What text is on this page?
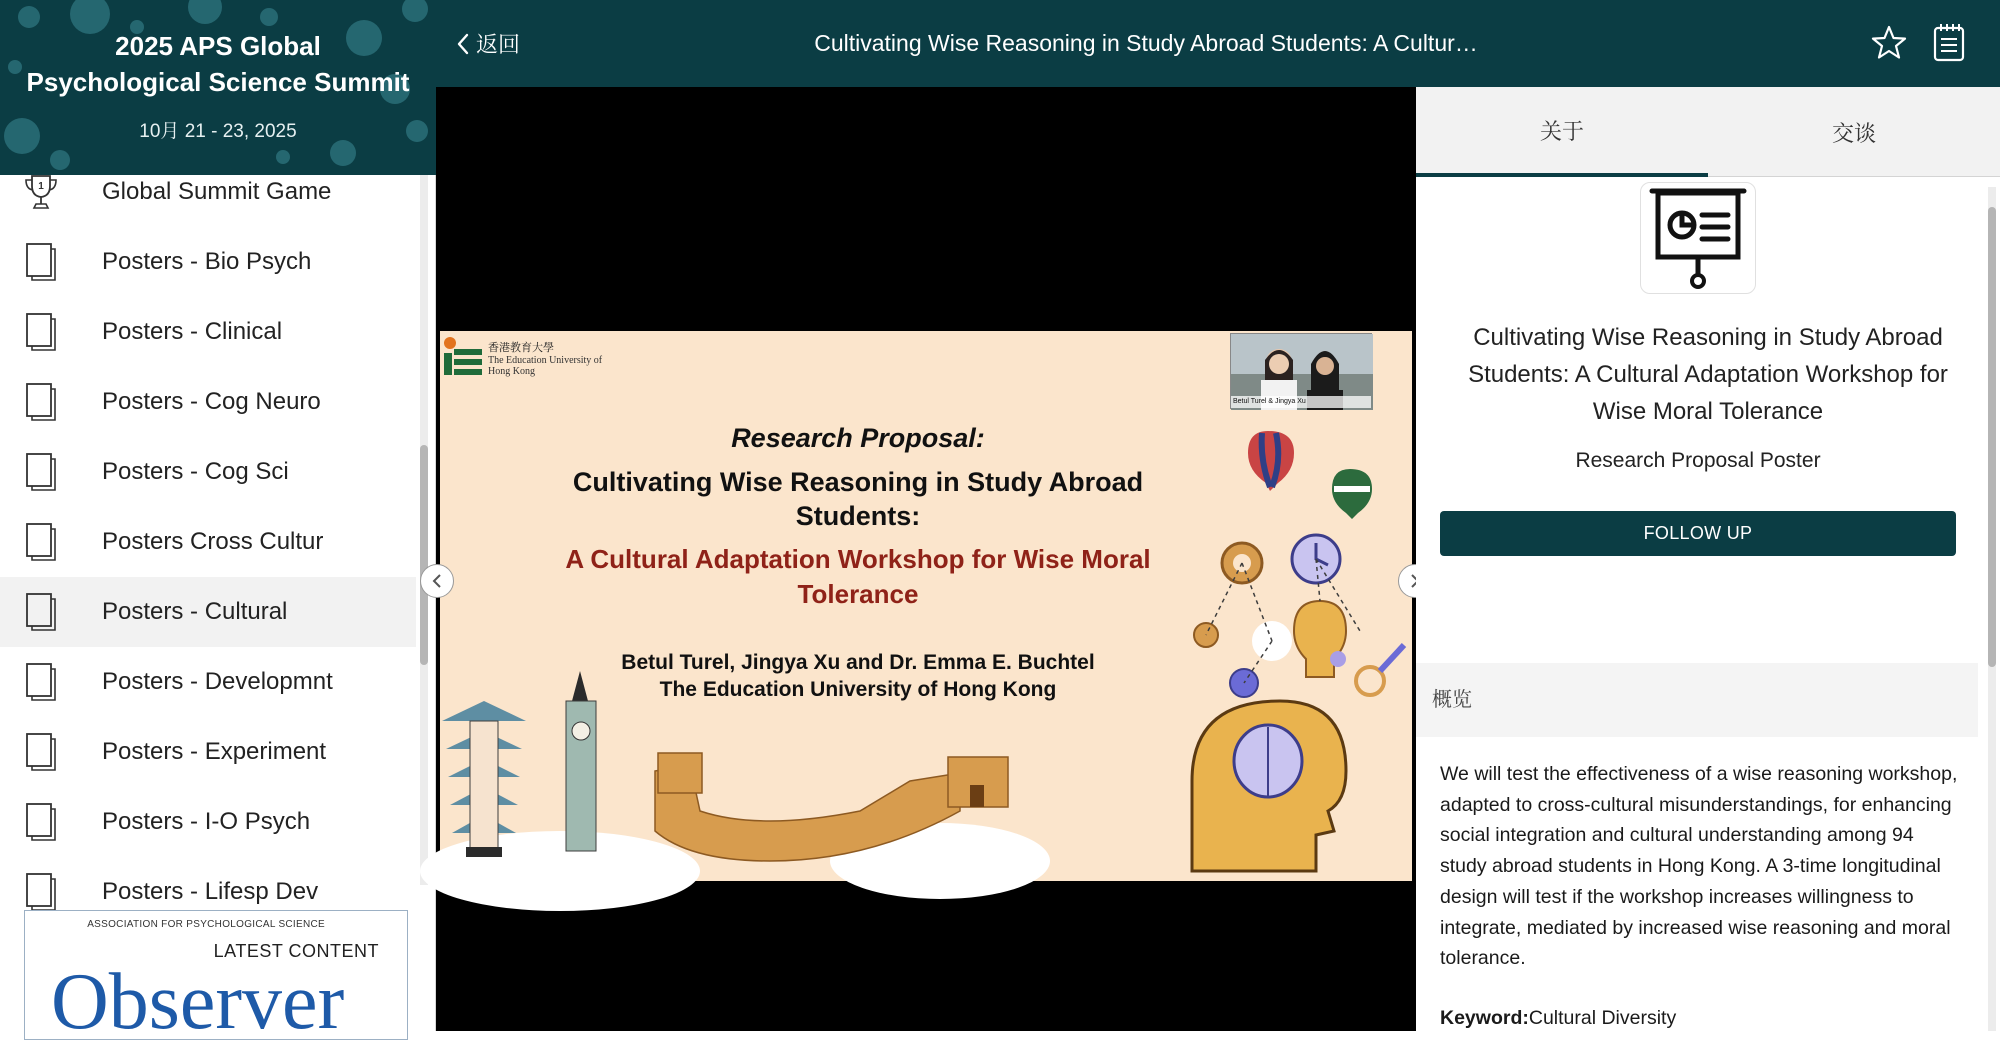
2025 APS Global
Psychological Science Summit
10月 21 - 23, 2025
1 Global Summit Game
Posters - Bio Psych
Posters - Clinical
Posters - Cog Neuro
Posters - Cog Sci
Posters Cross Cultur
Posters - Cultural
Posters - Developmnt
Posters - Experiment
Posters - I-O Psych
Posters - Lifesp Dev
ASSOCIATION FOR PSYCHOLOGICAL SCIENCE
LATEST CONTENT
Observer
返回	Cultivating Wise Reasoning in Study Abroad Students: A Cultur…
香港教育大學
The Education University of Hong Kong
Betul Turel & Jingya Xu
Research Proposal:
Cultivating Wise Reasoning in Study Abroad
Students:
A Cultural Adaptation Workshop for Wise Moral
Tolerance
Betul Turel, Jingya Xu and Dr. Emma E. Buchtel
The Education University of Hong Kong
关于	交谈
Cultivating Wise Reasoning in Study Abroad Students: A Cultural Adaptation Workshop for Wise Moral Tolerance
Research Proposal Poster
FOLLOW UP
概览
We will test the effectiveness of a wise reasoning workshop, adapted to cross-cultural misunderstandings, for enhancing social integration and cultural understanding among 94 study abroad students in Hong Kong. A 3-time longitudinal design will test if the workshop increases willingness to integrate, mediated by increased wise reasoning and moral tolerance.
Keyword:Cultural Diversity
